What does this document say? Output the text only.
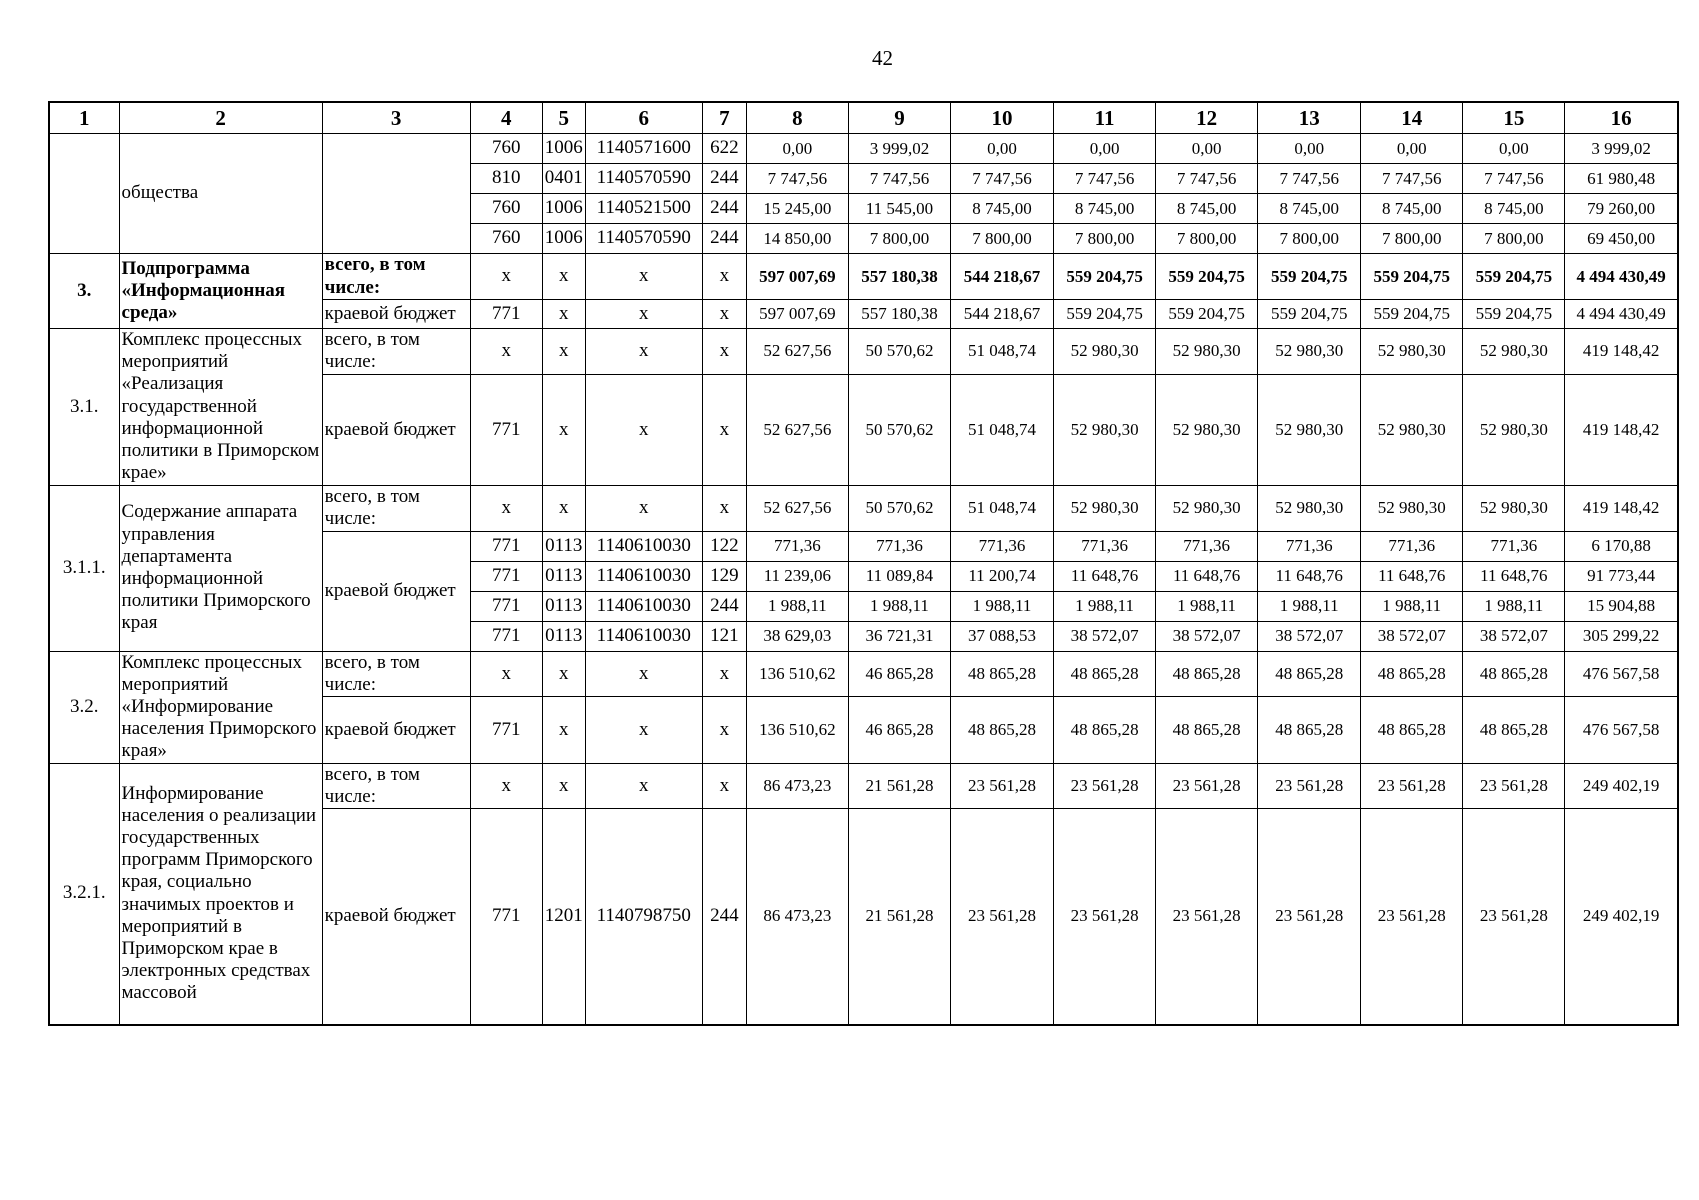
42
1	2	3	4	5	6	7	8	9	10	11	12	13	14	15	16
	общества		760	1006	1140571600	622	0,00	3 999,02	0,00	0,00	0,00	0,00	0,00	0,00	3 999,02
			810	0401	1140570590	244	7 747,56	7 747,56	7 747,56	7 747,56	7 747,56	7 747,56	7 747,56	7 747,56	61 980,48
			760	1006	1140521500	244	15 245,00	11 545,00	8 745,00	8 745,00	8 745,00	8 745,00	8 745,00	8 745,00	79 260,00
			760	1006	1140570590	244	14 850,00	7 800,00	7 800,00	7 800,00	7 800,00	7 800,00	7 800,00	7 800,00	69 450,00
3.	Подпрограмма «Информационная среда»	всего, в том числе:	x	x	x	x	597 007,69	557 180,38	544 218,67	559 204,75	559 204,75	559 204,75	559 204,75	559 204,75	4 494 430,49
		краевой бюджет	771	x	x	x	597 007,69	557 180,38	544 218,67	559 204,75	559 204,75	559 204,75	559 204,75	559 204,75	4 494 430,49
3.1.	Комплекс процессных мероприятий «Реализация государственной информационной политики в Приморском крае»	всего, в том числе:	x	x	x	x	52 627,56	50 570,62	51 048,74	52 980,30	52 980,30	52 980,30	52 980,30	52 980,30	419 148,42
		краевой бюджет	771	x	x	x	52 627,56	50 570,62	51 048,74	52 980,30	52 980,30	52 980,30	52 980,30	52 980,30	419 148,42
3.1.1.	Содержание аппарата управления департамента информационной политики Приморского края	всего, в том числе:	x	x	x	x	52 627,56	50 570,62	51 048,74	52 980,30	52 980,30	52 980,30	52 980,30	52 980,30	419 148,42
		краевой бюджет	771	0113	1140610030	122	771,36	771,36	771,36	771,36	771,36	771,36	771,36	771,36	6 170,88
			771	0113	1140610030	129	11 239,06	11 089,84	11 200,74	11 648,76	11 648,76	11 648,76	11 648,76	11 648,76	91 773,44
			771	0113	1140610030	244	1 988,11	1 988,11	1 988,11	1 988,11	1 988,11	1 988,11	1 988,11	1 988,11	15 904,88
			771	0113	1140610030	121	38 629,03	36 721,31	37 088,53	38 572,07	38 572,07	38 572,07	38 572,07	38 572,07	305 299,22
3.2.	Комплекс процессных мероприятий «Информирование населения Приморского края»	всего, в том числе:	x	x	x	x	136 510,62	46 865,28	48 865,28	48 865,28	48 865,28	48 865,28	48 865,28	48 865,28	476 567,58
		краевой бюджет	771	x	x	x	136 510,62	46 865,28	48 865,28	48 865,28	48 865,28	48 865,28	48 865,28	48 865,28	476 567,58
3.2.1.	Информирование населения о реализации государственных программ Приморского края, социально значимых проектов и мероприятий в Приморском крае в электронных средствах массовой	всего, в том числе:	x	x	x	x	86 473,23	21 561,28	23 561,28	23 561,28	23 561,28	23 561,28	23 561,28	23 561,28	249 402,19
		краевой бюджет	771	1201	1140798750	244	86 473,23	21 561,28	23 561,28	23 561,28	23 561,28	23 561,28	23 561,28	23 561,28	249 402,19
